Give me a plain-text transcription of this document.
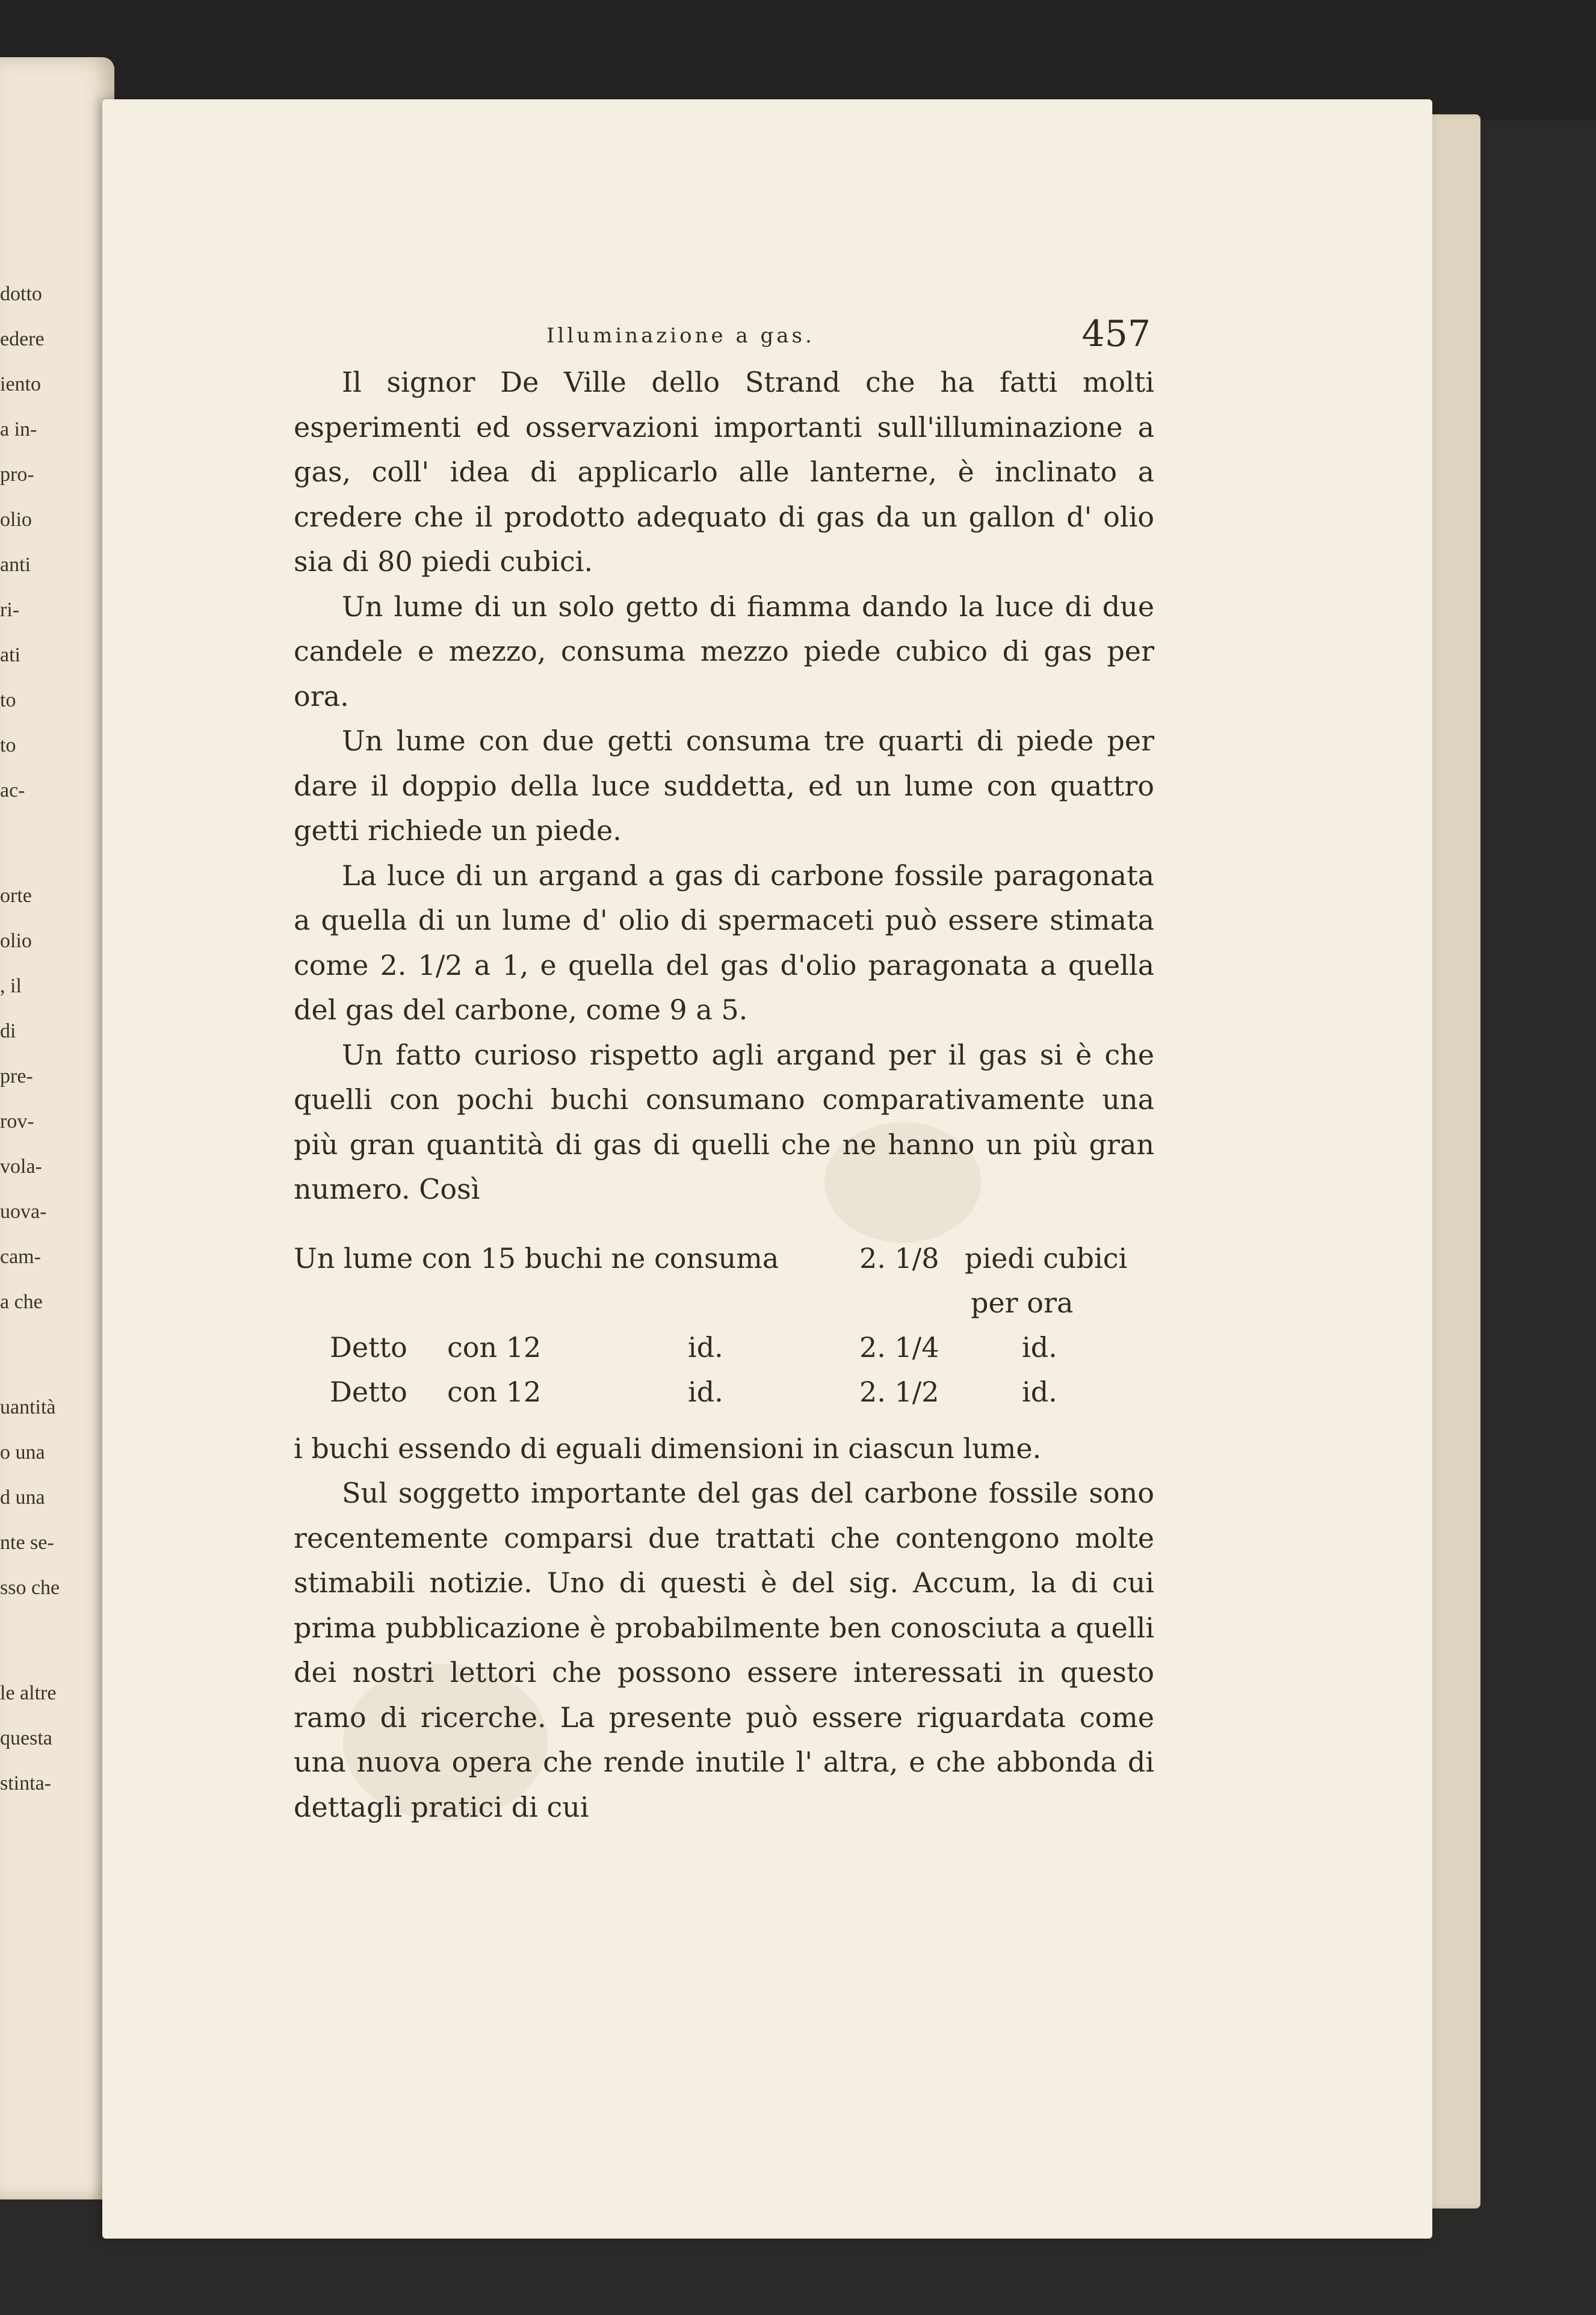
dotto
edere
iento
a in-
pro-
olio
anti
ri-
ati
to
to
ac-
orte
olio
, il
di
pre-
rov-
vola-
uova-
cam-
a che
uantità
o una
d una
nte se-
sso che
le altre
questa
stinta-
Illuminazione a gas.	457

Il signor De Ville dello Strand che ha fatti molti esperimenti ed osservazioni importanti sull'illuminazione a gas, coll' idea di applicarlo alle lanterne, è inclinato a credere che il prodotto adequato di gas da un gallon d' olio sia di 80 piedi cubici.

Un lume di un solo getto di fiamma dando la luce di due candele e mezzo, consuma mezzo piede cubico di gas per ora.

Un lume con due getti consuma tre quarti di piede per dare il doppio della luce suddetta, ed un lume con quattro getti richiede un piede.

La luce di un argand a gas di carbone fossile paragonata a quella di un lume d' olio di spermaceti può essere stimata come 2. 1/2 a 1, e quella del gas d'olio paragonata a quella del gas del carbone, come 9 a 5.

Un fatto curioso rispetto agli argand per il gas si è che quelli con pochi buchi consumano comparativamente una più gran quantità di gas di quelli che ne hanno un più gran numero. Così

Un lume con 15 buchi ne consuma	2. 1/8 piedi cubici
per ora
Detto con 12	id.	2. 1/4	id.
Detto con 12	id.	2. 1/2	id.

i buchi essendo di eguali dimensioni in ciascun lume.

Sul soggetto importante del gas del carbone fossile sono recentemente comparsi due trattati che contengono molte stimabili notizie. Uno di questi è del sig. Accum, la di cui prima pubblicazione è probabilmente ben conosciuta a quelli dei nostri lettori che possono essere interessati in questo ramo di ricerche. La presente può essere riguardata come una nuova opera che rende inutile l' altra, e che abbonda di dettagli pratici di cui
